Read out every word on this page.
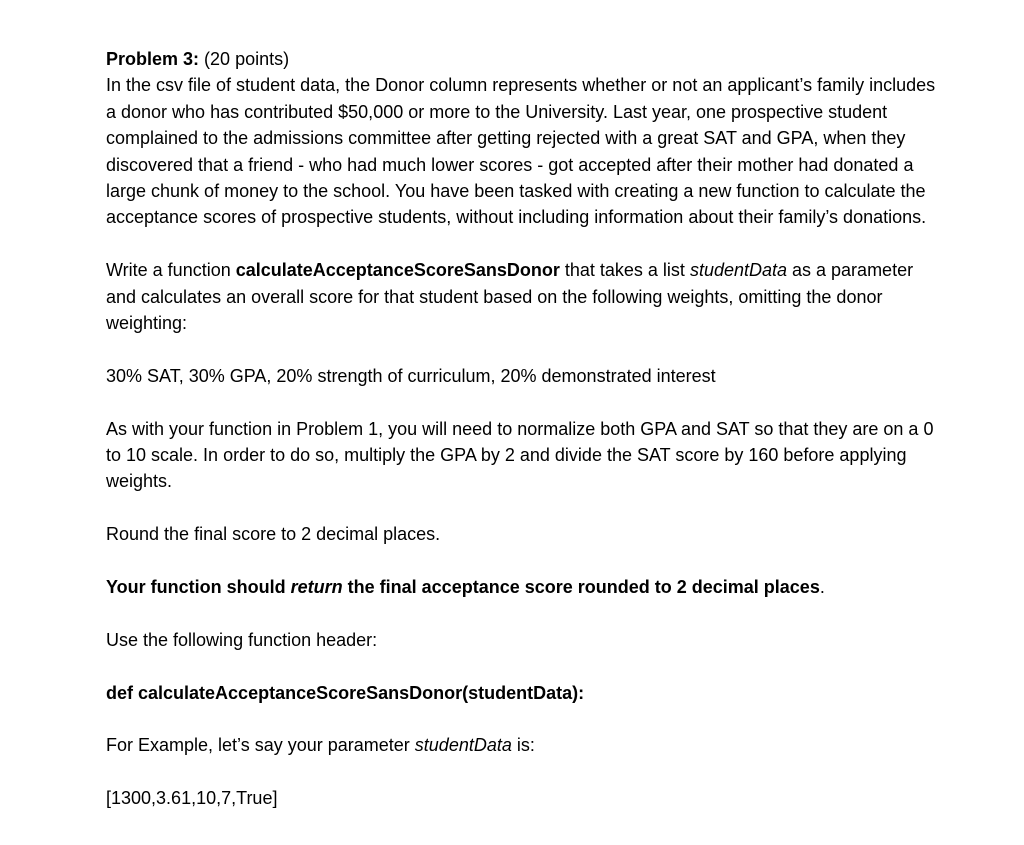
Problem 3: (20 points)
In the csv file of student data, the Donor column represents whether or not an applicant’s family includes a donor who has contributed $50,000 or more to the University. Last year, one prospective student complained to the admissions committee after getting rejected with a great SAT and GPA, when they discovered that a friend - who had much lower scores - got accepted after their mother had donated a large chunk of money to the school. You have been tasked with creating a new function to calculate the acceptance scores of prospective students, without including information about their family’s donations.

Write a function calculateAcceptanceScoreSansDonor that takes a list studentData as a parameter and calculates an overall score for that student based on the following weights, omitting the donor weighting:

30% SAT, 30% GPA, 20% strength of curriculum, 20% demonstrated interest

As with your function in Problem 1, you will need to normalize both GPA and SAT so that they are on a 0 to 10 scale. In order to do so, multiply the GPA by 2 and divide the SAT score by 160 before applying weights.

Round the final score to 2 decimal places.

Your function should return the final acceptance score rounded to 2 decimal places.

Use the following function header:

def calculateAcceptanceScoreSansDonor(studentData):

For Example, let’s say your parameter studentData is:

[1300,3.61,10,7,True]
